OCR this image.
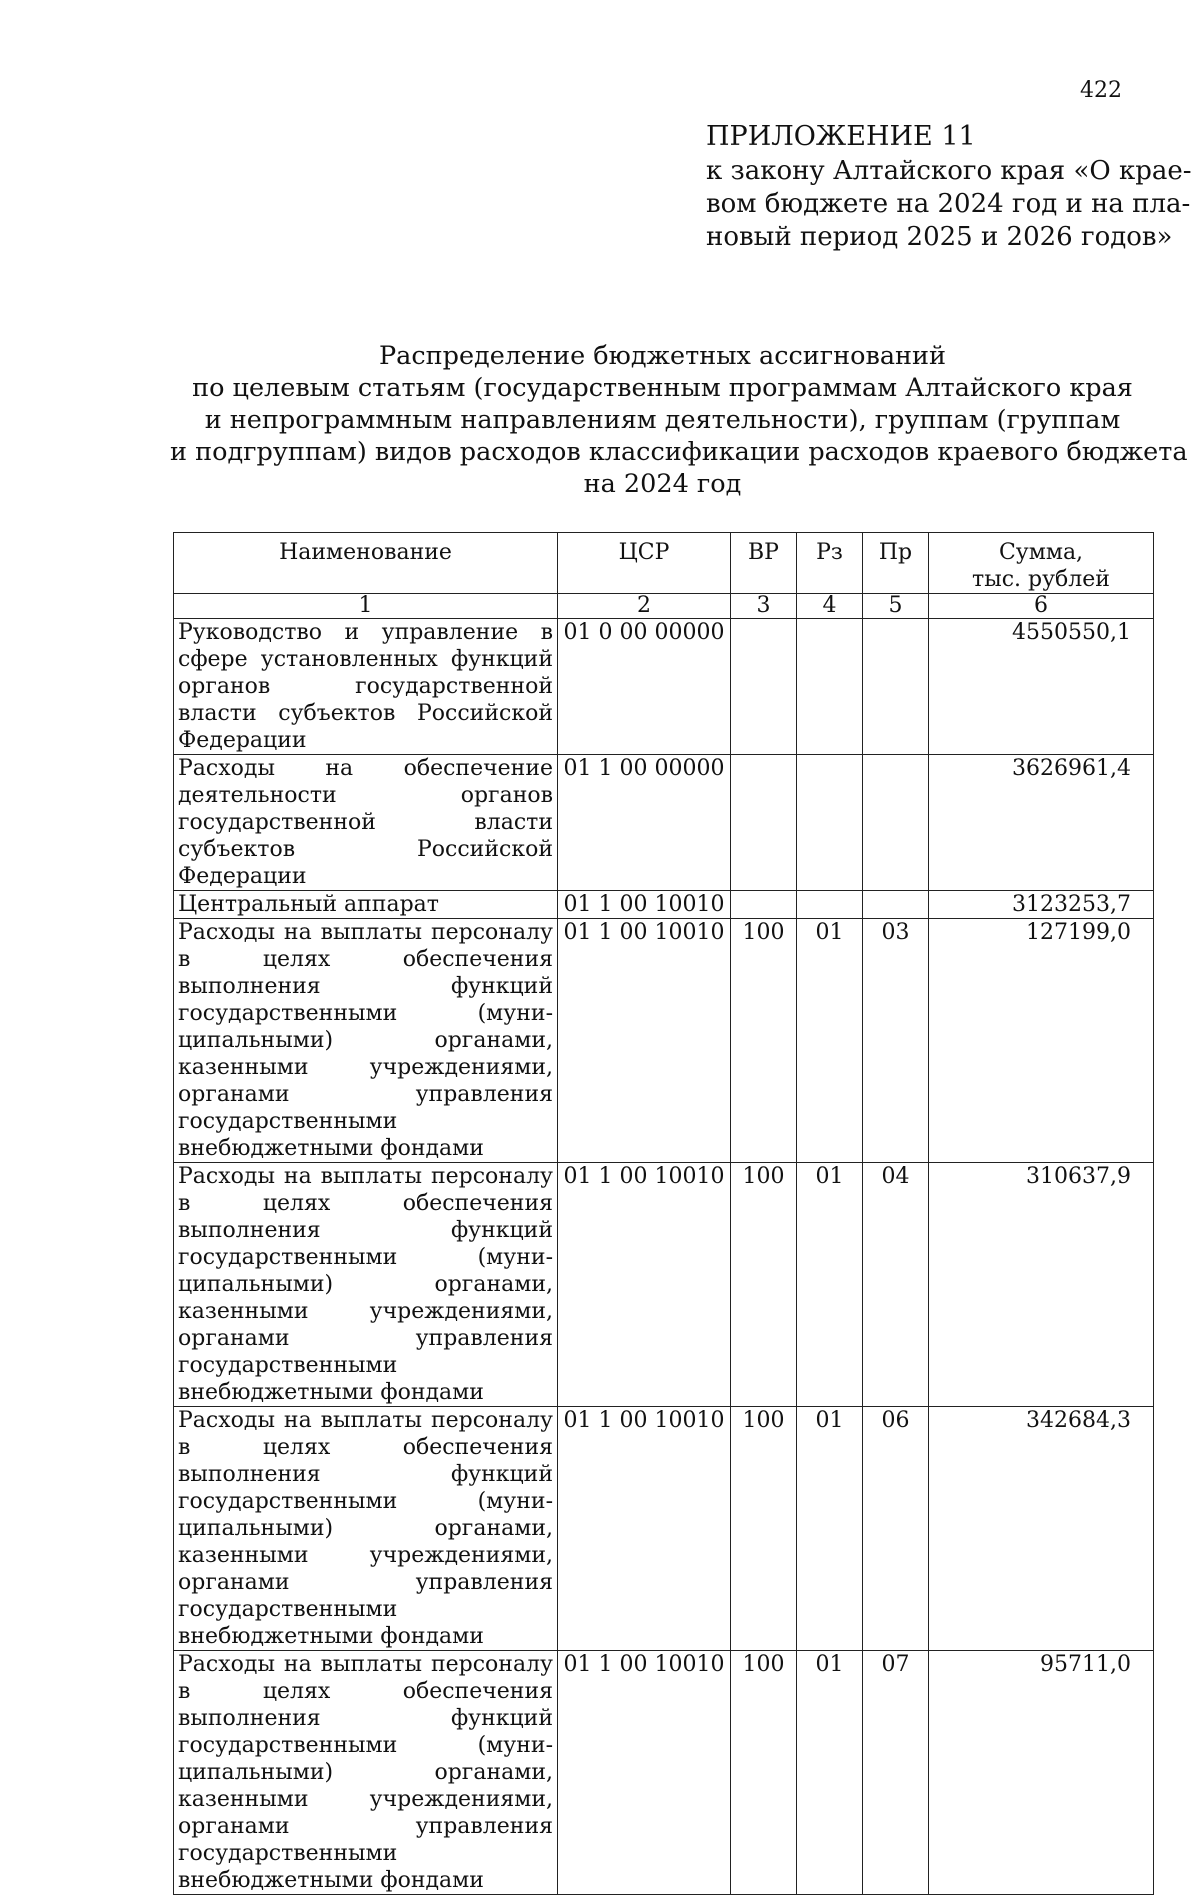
422
ПРИЛОЖЕНИЕ 11
к закону Алтайского края «О крае-
вом бюджете на 2024 год и на пла-
новый период 2025 и 2026 годов»
Распределение бюджетных ассигнований
по целевым статьям (государственным программам Алтайского края
и непрограммным направлениям деятельности), группам (группам
и подгруппам) видов расходов классификации расходов краевого бюджета
на 2024 год
Наименование	ЦСР	ВР	Рз	Пр	Сумма,
тыс. рублей

1	2	3	4	5	6
Руководство и управление в сфере установленных функций органов государственной власти субъектов Российской Федерации	01 0 00 00000				4550550,1
Расходы на обеспечение деятельности органов государственной власти субъектов Российской Федерации	01 1 00 00000				3626961,4
Центральный аппарат	01 1 00 10010				3123253,7
Расходы на выплаты персоналу в целях обеспечения выполнения функций государственными (муниципальными) органами, казенными учреждениями, органами управления государственными внебюджетными фондами	01 1 00 10010	100	01	03	127199,0
Расходы на выплаты персоналу в целях обеспечения выполнения функций государственными (муниципальными) органами, казенными учреждениями, органами управления государственными внебюджетными фондами	01 1 00 10010	100	01	04	310637,9
Расходы на выплаты персоналу в целях обеспечения выполнения функций государственными (муниципальными) органами, казенными учреждениями, органами управления государственными внебюджетными фондами	01 1 00 10010	100	01	06	342684,3
Расходы на выплаты персоналу в целях обеспечения выполнения функций государственными (муниципальными) органами, казенными учреждениями, органами управления государственными внебюджетными фондами	01 1 00 10010	100	01	07	95711,0
